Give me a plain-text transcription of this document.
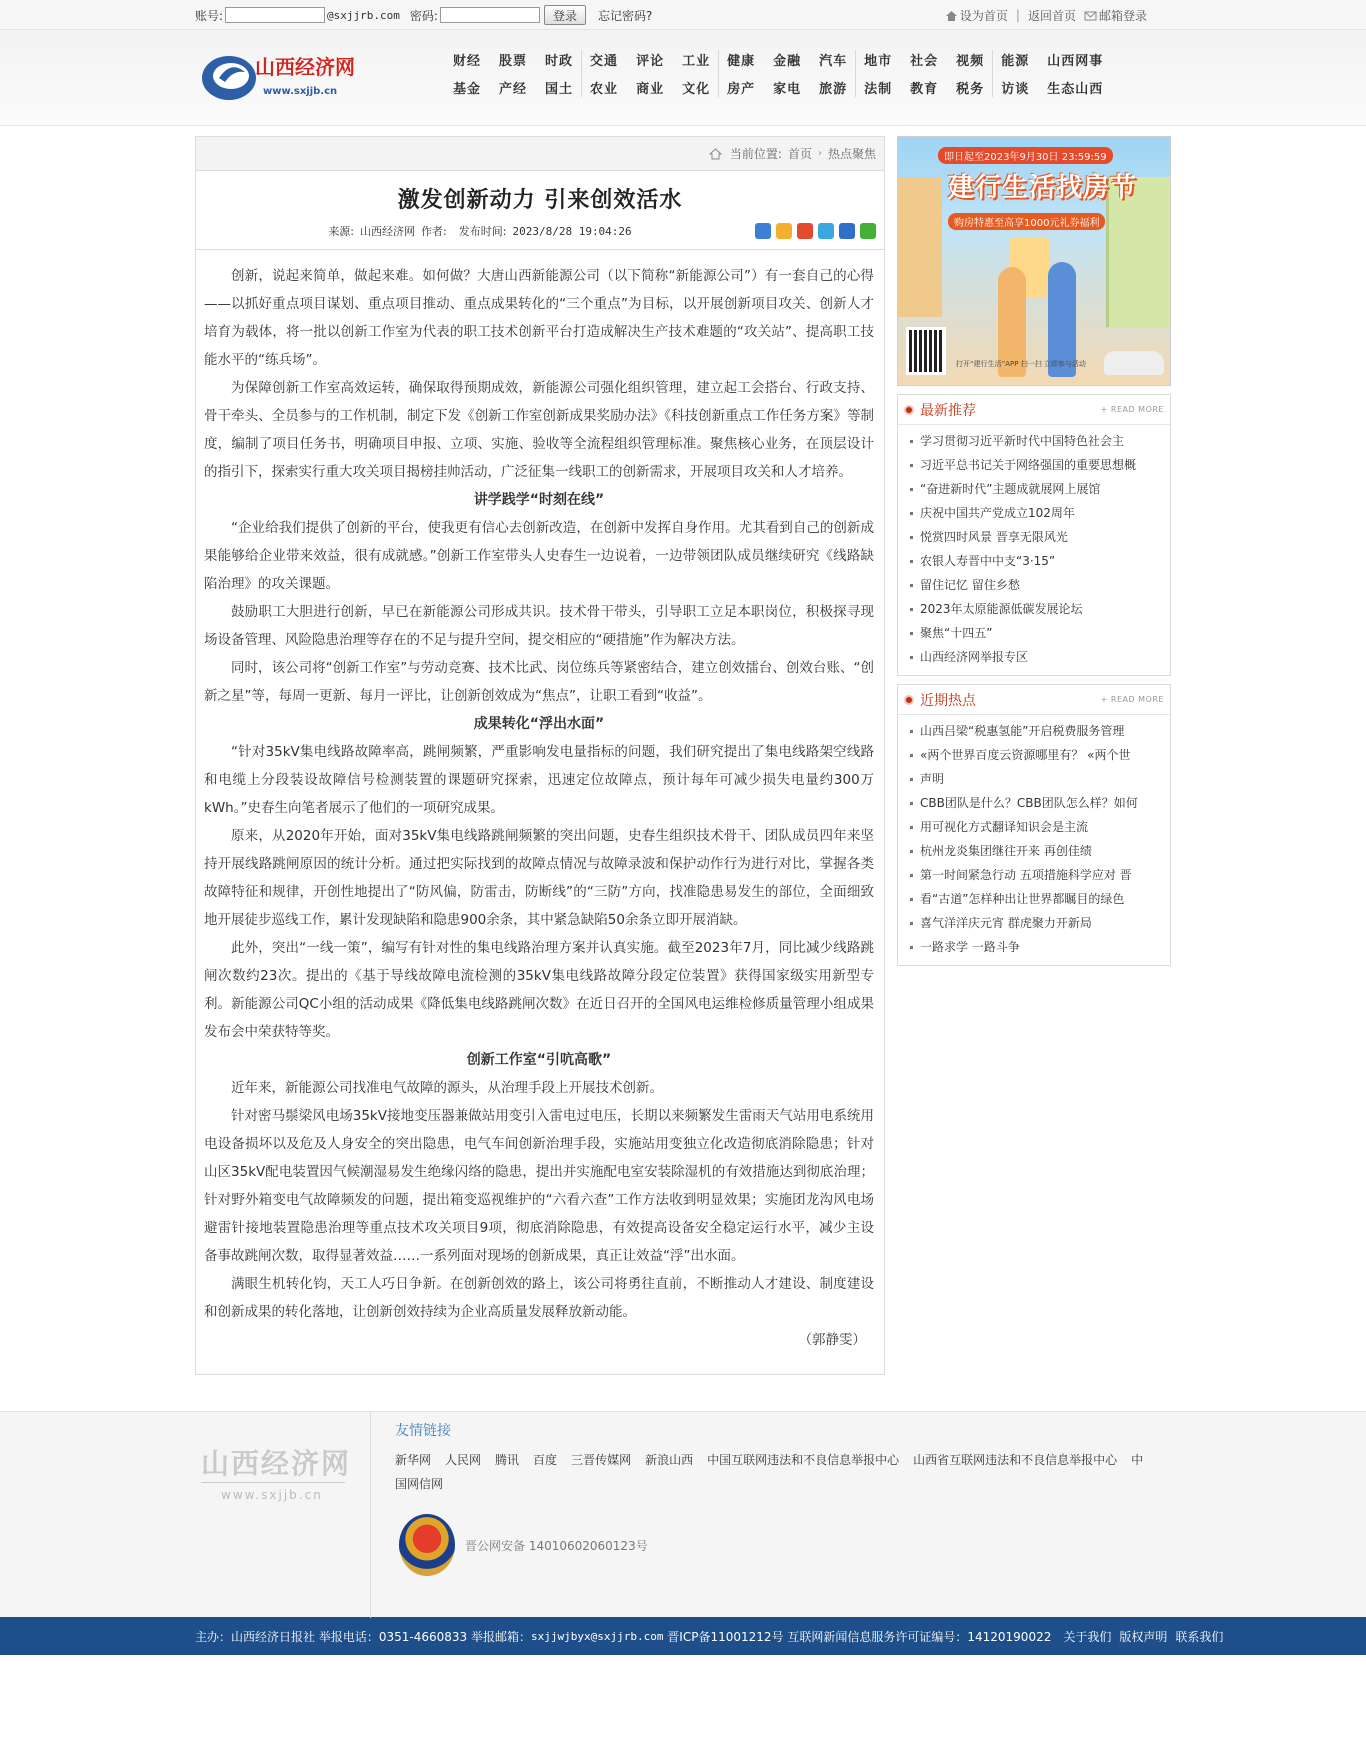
账号:	@sxjjrb.com 密码:	登录	忘记密码?	设为首页 | 返回首页	邮箱登录
山西经济网
www.sxjjb.cn
财经 股票 时政
基金 产经 国土
交通 评论 工业
农业 商业 文化
健康 金融 汽车
房产 家电 旅游
地市 社会 视频
法制 教育 税务
能源 山西网事
访谈 生态山西
当前位置: 首页 › 热点聚焦
激发创新动力 引来创效活水
来源: 山西经济网 作者: 发布时间: 2023/8/28 19:04:26

创新，说起来简单，做起来难。如何做？大唐山西新能源公司（以下简称“新能源公司”）有一套自己的心得——以抓好重点项目谋划、重点项目推动、重点成果转化的“三个重点”为目标，以开展创新项目攻关、创新人才培育为载体，将一批以创新工作室为代表的职工技术创新平台打造成解决生产技术难题的“攻关站”、提高职工技能水平的“练兵场”。

为保障创新工作室高效运转，确保取得预期成效，新能源公司强化组织管理，建立起工会搭台、行政支持、骨干牵头、全员参与的工作机制，制定下发《创新工作室创新成果奖励办法》《科技创新重点工作任务方案》等制度，编制了项目任务书，明确项目申报、立项、实施、验收等全流程组织管理标准。聚焦核心业务，在顶层设计的指引下，探索实行重大攻关项目揭榜挂帅活动，广泛征集一线职工的创新需求，开展项目攻关和人才培养。

讲学践学“时刻在线”

“企业给我们提供了创新的平台，使我更有信心去创新改造，在创新中发挥自身作用。尤其看到自己的创新成果能够给企业带来效益，很有成就感。”创新工作室带头人史春生一边说着，一边带领团队成员继续研究《线路缺陷治理》的攻关课题。

鼓励职工大胆进行创新，早已在新能源公司形成共识。技术骨干带头，引导职工立足本职岗位，积极探寻现场设备管理、风险隐患治理等存在的不足与提升空间，提交相应的“硬措施”作为解决方法。

同时，该公司将“创新工作室”与劳动竞赛、技术比武、岗位练兵等紧密结合，建立创效擂台、创效台账、“创新之星”等，每周一更新、每月一评比，让创新创效成为“焦点”，让职工看到“收益”。

成果转化“浮出水面”

“针对35kV集电线路故障率高，跳闸频繁，严重影响发电量指标的问题，我们研究提出了集电线路架空线路和电缆上分段装设故障信号检测装置的课题研究探索，迅速定位故障点，预计每年可减少损失电量约300万kWh。”史春生向笔者展示了他们的一项研究成果。

原来，从2020年开始，面对35kV集电线路跳闸频繁的突出问题，史春生组织技术骨干、团队成员四年来坚持开展线路跳闸原因的统计分析。通过把实际找到的故障点情况与故障录波和保护动作行为进行对比，掌握各类故障特征和规律，开创性地提出了“防风偏，防雷击，防断线”的“三防”方向，找准隐患易发生的部位，全面细致地开展徒步巡线工作，累计发现缺陷和隐患900余条，其中紧急缺陷50余条立即开展消缺。

此外，突出“一线一策”，编写有针对性的集电线路治理方案并认真实施。截至2023年7月，同比减少线路跳闸次数约23次。提出的《基于导线故障电流检测的35kV集电线路故障分段定位装置》获得国家级实用新型专利。新能源公司QC小组的活动成果《降低集电线路跳闸次数》在近日召开的全国风电运维检修质量管理小组成果发布会中荣获特等奖。

创新工作室“引吭高歌”

近年来，新能源公司找准电气故障的源头，从治理手段上开展技术创新。

针对密马鬃梁风电场35kV接地变压器兼做站用变引入雷电过电压，长期以来频繁发生雷雨天气站用电系统用电设备损坏以及危及人身安全的突出隐患，电气车间创新治理手段，实施站用变独立化改造彻底消除隐患；针对山区35kV配电装置因气候潮湿易发生绝缘闪络的隐患，提出并实施配电室安装除湿机的有效措施达到彻底治理；针对野外箱变电气故障频发的问题，提出箱变巡视维护的“六看六查”工作方法收到明显效果；实施团龙沟风电场避雷针接地装置隐患治理等重点技术攻关项目9项，彻底消除隐患，有效提高设备安全稳定运行水平，减少主设备事故跳闸次数，取得显著效益……一系列面对现场的创新成果，真正让效益“浮”出水面。

满眼生机转化钧，天工人巧日争新。在创新创效的路上，该公司将勇往直前，不断推动人才建设、制度建设和创新成果的转化落地，让创新创效持续为企业高质量发展释放新动能。

（郭静雯）

即日起至2023年9月30日 23:59:59
建行生活找房节
购房特惠至高享1000元礼券福利
打开“建行生活”APP 扫一扫 立即参与活动
最新推荐	+ READ MORE
学习贯彻习近平新时代中国特色社会主
习近平总书记关于网络强国的重要思想概
“奋进新时代”主题成就展网上展馆
庆祝中国共产党成立102周年
悦赏四时风景 晋享无限风光
农银人寿晋中中支“3·15”
留住记忆 留住乡愁
2023年太原能源低碳发展论坛
聚焦“十四五”
山西经济网举报专区
近期热点	+ READ MORE
山西吕梁“税惠氢能”开启税费服务管理
«两个世界百度云资源哪里有？ «两个世
声明
CBB团队是什么？CBB团队怎么样？如何
用可视化方式翻译知识会是主流
杭州龙炎集团继往开来 再创佳绩
第一时间紧急行动 五项措施科学应对 晋
看“古道”怎样种出让世界都瞩目的绿色
喜气洋洋庆元宵 群虎聚力开新局
一路求学 一路斗争
山西经济网
www.sxjjb.cn
友情链接
新华网 人民网 腾讯 百度 三晋传媒网 新浪山西 中国互联网违法和不良信息举报中心 山西省互联网违法和不良信息举报中心 中国网信网
晋公网安备 14010602060123号
主办：山西经济日报社
举报电话：0351-4660833
举报邮箱： sxjjwjbyx@sxjjrb.com
晋ICP备11001212号
互联网新闻信息服务许可证编号：14120190022 关于我们 版权声明 联系我们
